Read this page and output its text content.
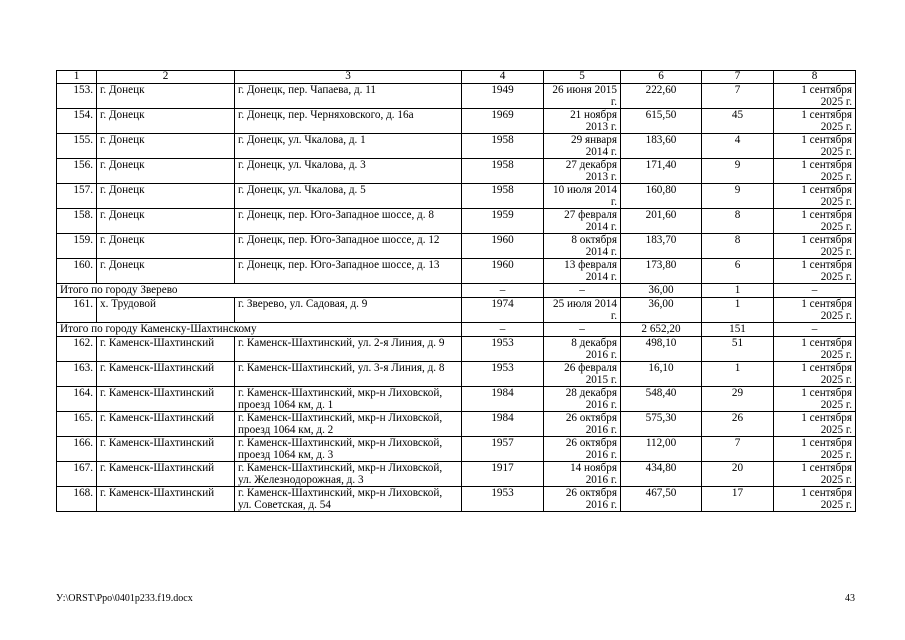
1	2	3	4	5	6	7	8
153.	г. Донецк	г. Донецк, пер. Чапаева, д. 11	1949	26 июня 2015 г.	222,60	7	1 сентября 2025 г.
154.	г. Донецк	г. Донецк, пер. Черняховского, д. 16а	1969	21 ноября 2013 г.	615,50	45	1 сентября 2025 г.
155.	г. Донецк	г. Донецк, ул. Чкалова, д. 1	1958	29 января 2014 г.	183,60	4	1 сентября 2025 г.
156.	г. Донецк	г. Донецк, ул. Чкалова, д. 3	1958	27 декабря 2013 г.	171,40	9	1 сентября 2025 г.
157.	г. Донецк	г. Донецк, ул. Чкалова, д. 5	1958	10 июля 2014 г.	160,80	9	1 сентября 2025 г.
158.	г. Донецк	г. Донецк, пер. Юго-Западное шоссе, д. 8	1959	27 февраля 2014 г.	201,60	8	1 сентября 2025 г.
159.	г. Донецк	г. Донецк, пер. Юго-Западное шоссе, д. 12	1960	8 октября 2014 г.	183,70	8	1 сентября 2025 г.
160.	г. Донецк	г. Донецк, пер. Юго-Западное шоссе, д. 13	1960	13 февраля 2014 г.	173,80	6	1 сентября 2025 г.
Итого по городу Зверево			–	–	36,00	1	–
161.	х. Трудовой	г. Зверево, ул. Садовая, д. 9	1974	25 июля 2014 г.	36,00	1	1 сентября 2025 г.
Итого по городу Каменску-Шахтинскому			–	–	2 652,20	151	–
162.	г. Каменск-Шахтинский	г. Каменск-Шахтинский, ул. 2-я Линия, д. 9	1953	8 декабря 2016 г.	498,10	51	1 сентября 2025 г.
163.	г. Каменск-Шахтинский	г. Каменск-Шахтинский, ул. 3-я Линия, д. 8	1953	26 февраля 2015 г.	16,10	1	1 сентября 2025 г.
164.	г. Каменск-Шахтинский	г. Каменск-Шахтинский, мкр-н Лиховской, проезд 1064 км, д. 1	1984	28 декабря 2016 г.	548,40	29	1 сентября 2025 г.
165.	г. Каменск-Шахтинский	г. Каменск-Шахтинский, мкр-н Лиховской, проезд 1064 км, д. 2	1984	26 октября 2016 г.	575,30	26	1 сентября 2025 г.
166.	г. Каменск-Шахтинский	г. Каменск-Шахтинский, мкр-н Лиховской, проезд 1064 км, д. 3	1957	26 октября 2016 г.	112,00	7	1 сентября 2025 г.
167.	г. Каменск-Шахтинский	г. Каменск-Шахтинский, мкр-н Лиховской, ул. Железнодорожная, д. 3	1917	14 ноября 2016 г.	434,80	20	1 сентября 2025 г.
168.	г. Каменск-Шахтинский	г. Каменск-Шахтинский, мкр-н Лиховской, ул. Советская, д. 54	1953	26 октября 2016 г.	467,50	17	1 сентября 2025 г.
У:\ORST\Ppo\0401p233.f19.docx	43
